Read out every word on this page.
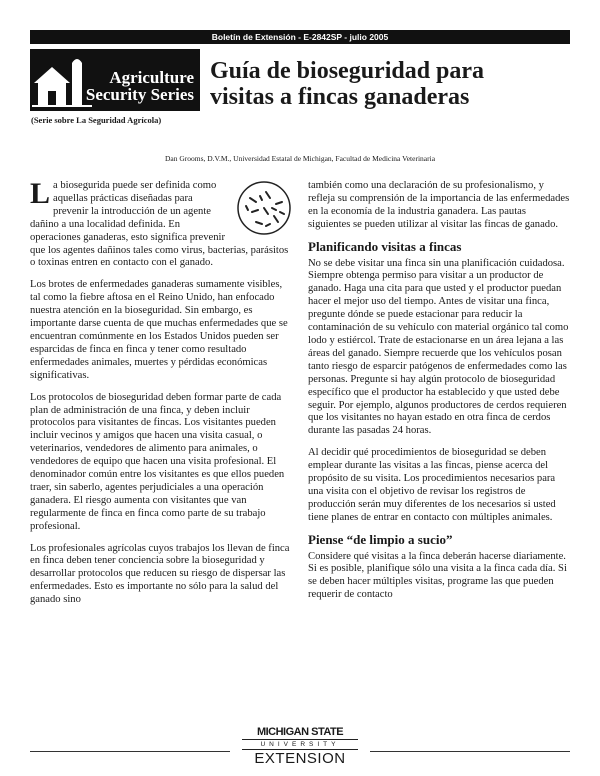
Boletín de Extensión - E-2842SP - julio 2005
Agriculture
Security Series
(Serie sobre La Seguridad Agrícola)
Guía de bioseguridad para
visitas a fincas ganaderas
Dan Grooms, D.V.M., Universidad Estatal de Michigan, Facultad de Medicina Veterinaria

La biosegurida puede ser definida como aquellas prácticas diseñadas para prevenir la introducción de un agente dañino a una localidad definida. En operaciones ganaderas, esto significa prevenir que los agentes dañinos tales como virus, bacterias, parásitos o toxinas entren en contacto con el ganado.

Los brotes de enfermedades ganaderas sumamente visibles, tal como la fiebre aftosa en el Reino Unido, han enfocado nuestra atención en la bioseguridad. Sin embargo, es importante darse cuenta de que muchas enfermedades que se encuentran comúnmente en los Estados Unidos pueden ser esparcidas de finca en finca y tener como resultado enfermedades animales, muertes y pérdidas económicas significativas.

Los protocolos de bioseguridad deben formar parte de cada plan de administración de una finca, y deben incluir protocolos para visitantes de fincas. Los visitantes pueden incluir vecinos y amigos que hacen una visita casual, o veterinarios, vendedores de alimento para animales, o vendedores de equipo que hacen una visita profesional. El denominador común entre los visitantes es que ellos pueden traer, sin saberlo, agentes perjudiciales a una operación ganadera. El riesgo aumenta con visitantes que van regularmente de finca en finca como parte de su trabajo profesional.

Los profesionales agrícolas cuyos trabajos los llevan de finca en finca deben tener conciencia sobre la bioseguridad y desarrollar protocolos que reducen su riesgo de dispersar las enfermedades. Esto es importante no sólo para la salud del ganado sino

también como una declaración de su profesionalismo, y refleja su comprensión de la importancia de las enfermedades en la economía de la industria ganadera. Las pautas siguientes se pueden utilizar al visitar las fincas de ganado.

Planificando visitas a fincas

No se debe visitar una finca sin una planificación cuidadosa. Siempre obtenga permiso para visitar a un productor de ganado. Haga una cita para que usted y el productor puedan hacer el mejor uso del tiempo. Antes de visitar una finca, pregunte dónde se puede estacionar para reducir la contaminación de su vehículo con material orgánico tal como lodo y estiércol. Trate de estacionarse en un área lejana a las áreas del ganado. Siempre recuerde que los vehículos posan tanto riesgo de esparcir patógenos de enfermedades como las personas. Pregunte si hay algún protocolo de bioseguridad específico que el productor ha establecido y que usted debe seguir. Por ejemplo, algunos productores de cerdos requieren que los visitantes no hayan estado en otra finca de cerdos durante las pasadas 24 horas.

Al decidir qué procedimientos de bioseguridad se deben emplear durante las visitas a las fincas, piense acerca del propósito de su visita. Los procedimientos necesarios para una visita con el objetivo de revisar los registros de producción serán muy diferentes de los necesarios si usted tiene planes de entrar en contacto con múltiples animales.

Piense “de limpio a sucio”

Considere qué visitas a la finca deberán hacerse diariamente. Si es posible, planifique sólo una visita a la finca cada día. Si se deben hacer múltiples visitas, programe las que pueden requerir de contacto

MICHIGAN STATE
UNIVERSITY
EXTENSION
